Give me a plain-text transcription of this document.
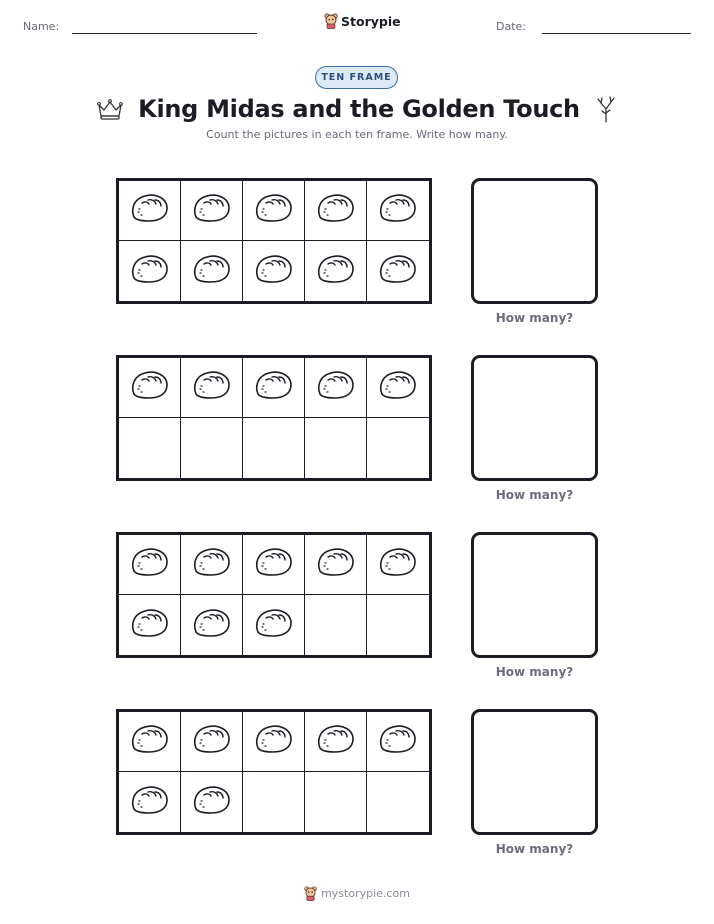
Name:	Storypie	Date:
TEN FRAME
King Midas and the Golden Touch
Count the pictures in each ten frame. Write how many.
How many?
How many?
How many?
How many?
mystorypie.com
